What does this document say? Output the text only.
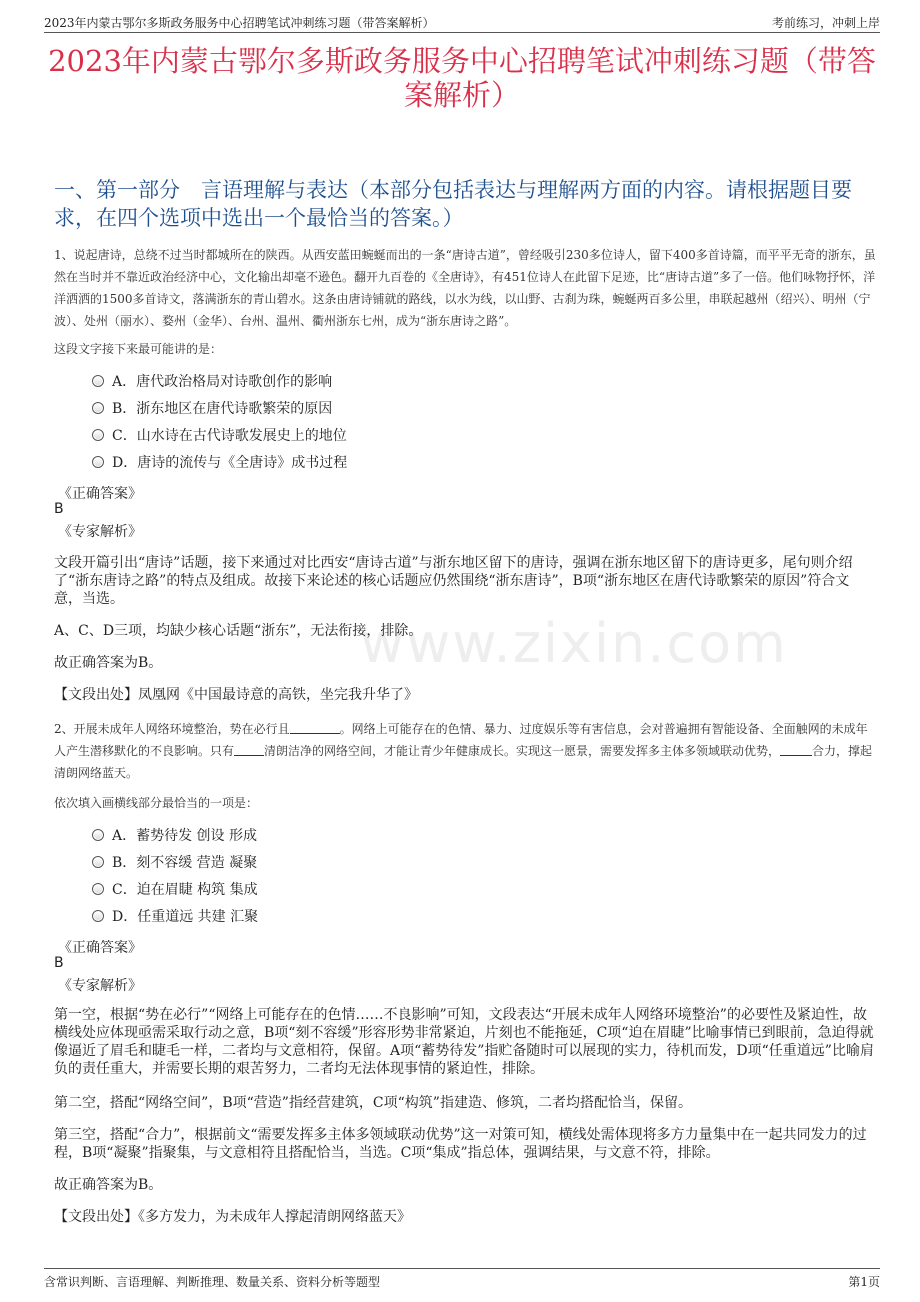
2023年内蒙古鄂尔多斯政务服务中心招聘笔试冲刺练习题（带答案解析）	考前练习，冲刺上岸
2023年内蒙古鄂尔多斯政务服务中心招聘笔试冲刺练习题（带答案解析）
一、第一部分　言语理解与表达（本部分包括表达与理解两方面的内容。请根据题目要求，在四个选项中选出一个最恰当的答案。）
www.zixin.com
1、说起唐诗，总绕不过当时都城所在的陕西。从西安蓝田蜿蜒而出的一条“唐诗古道”，曾经吸引230多位诗人，留下400多首诗篇，而平平无奇的浙东，虽然在当时并不靠近政治经济中心，文化输出却毫不逊色。翻开九百卷的《全唐诗》，有451位诗人在此留下足迹，比“唐诗古道”多了一倍。他们咏物抒怀，洋洋洒洒的1500多首诗文，落满浙东的青山碧水。这条由唐诗铺就的路线，以水为线，以山野、古刹为珠，蜿蜒两百多公里，串联起越州（绍兴）、明州（宁波）、处州（丽水）、婺州（金华）、台州、温州、衢州浙东七州，成为“浙东唐诗之路”。
这段文字接下来最可能讲的是：
A．唐代政治格局对诗歌创作的影响
B．浙东地区在唐代诗歌繁荣的原因
C．山水诗在古代诗歌发展史上的地位
D．唐诗的流传与《全唐诗》成书过程
《正确答案》
B
《专家解析》
文段开篇引出“唐诗”话题，接下来通过对比西安“唐诗古道”与浙东地区留下的唐诗，强调在浙东地区留下的唐诗更多，尾句则介绍了“浙东唐诗之路”的特点及组成。故接下来论述的核心话题应仍然围绕“浙东唐诗”，B项“浙东地区在唐代诗歌繁荣的原因”符合文意，当选。
A、C、D三项，均缺少核心话题“浙东”，无法衔接，排除。
故正确答案为B。
【文段出处】凤凰网《中国最诗意的高铁，坐完我升华了》
2、开展未成年人网络环境整治，势在必行且	。网络上可能存在的色情、暴力、过度娱乐等有害信息，会对普遍拥有智能设备、全面触网的未成年人产生潜移默化的不良影响。只有	清朗洁净的网络空间，才能让青少年健康成长。实现这一愿景，需要发挥多主体多领域联动优势，	合力，撑起清朗网络蓝天。
依次填入画横线部分最恰当的一项是：
A．蓄势待发 创设 形成
B．刻不容缓 营造 凝聚
C．迫在眉睫 构筑 集成
D．任重道远 共建 汇聚
《正确答案》
B
《专家解析》
第一空，根据“势在必行”“网络上可能存在的色情……不良影响”可知，文段表达“开展未成年人网络环境整治”的必要性及紧迫性，故横线处应体现亟需采取行动之意，B项“刻不容缓”形容形势非常紧迫，片刻也不能拖延，C项“迫在眉睫”比喻事情已到眼前，急迫得就像逼近了眉毛和睫毛一样，二者均与文意相符，保留。A项“蓄势待发”指贮备随时可以展现的实力，待机而发，D项“任重道远”比喻肩负的责任重大，并需要长期的艰苦努力，二者均无法体现事情的紧迫性，排除。
第二空，搭配“网络空间”，B项“营造”指经营建筑，C项“构筑”指建造、修筑，二者均搭配恰当，保留。
第三空，搭配“合力”，根据前文“需要发挥多主体多领域联动优势”这一对策可知，横线处需体现将多方力量集中在一起共同发力的过程，B项“凝聚”指聚集，与文意相符且搭配恰当，当选。C项“集成”指总体，强调结果，与文意不符，排除。
故正确答案为B。
【文段出处】《多方发力，为未成年人撑起清朗网络蓝天》
含常识判断、言语理解、判断推理、数量关系、资料分析等题型	第1页
